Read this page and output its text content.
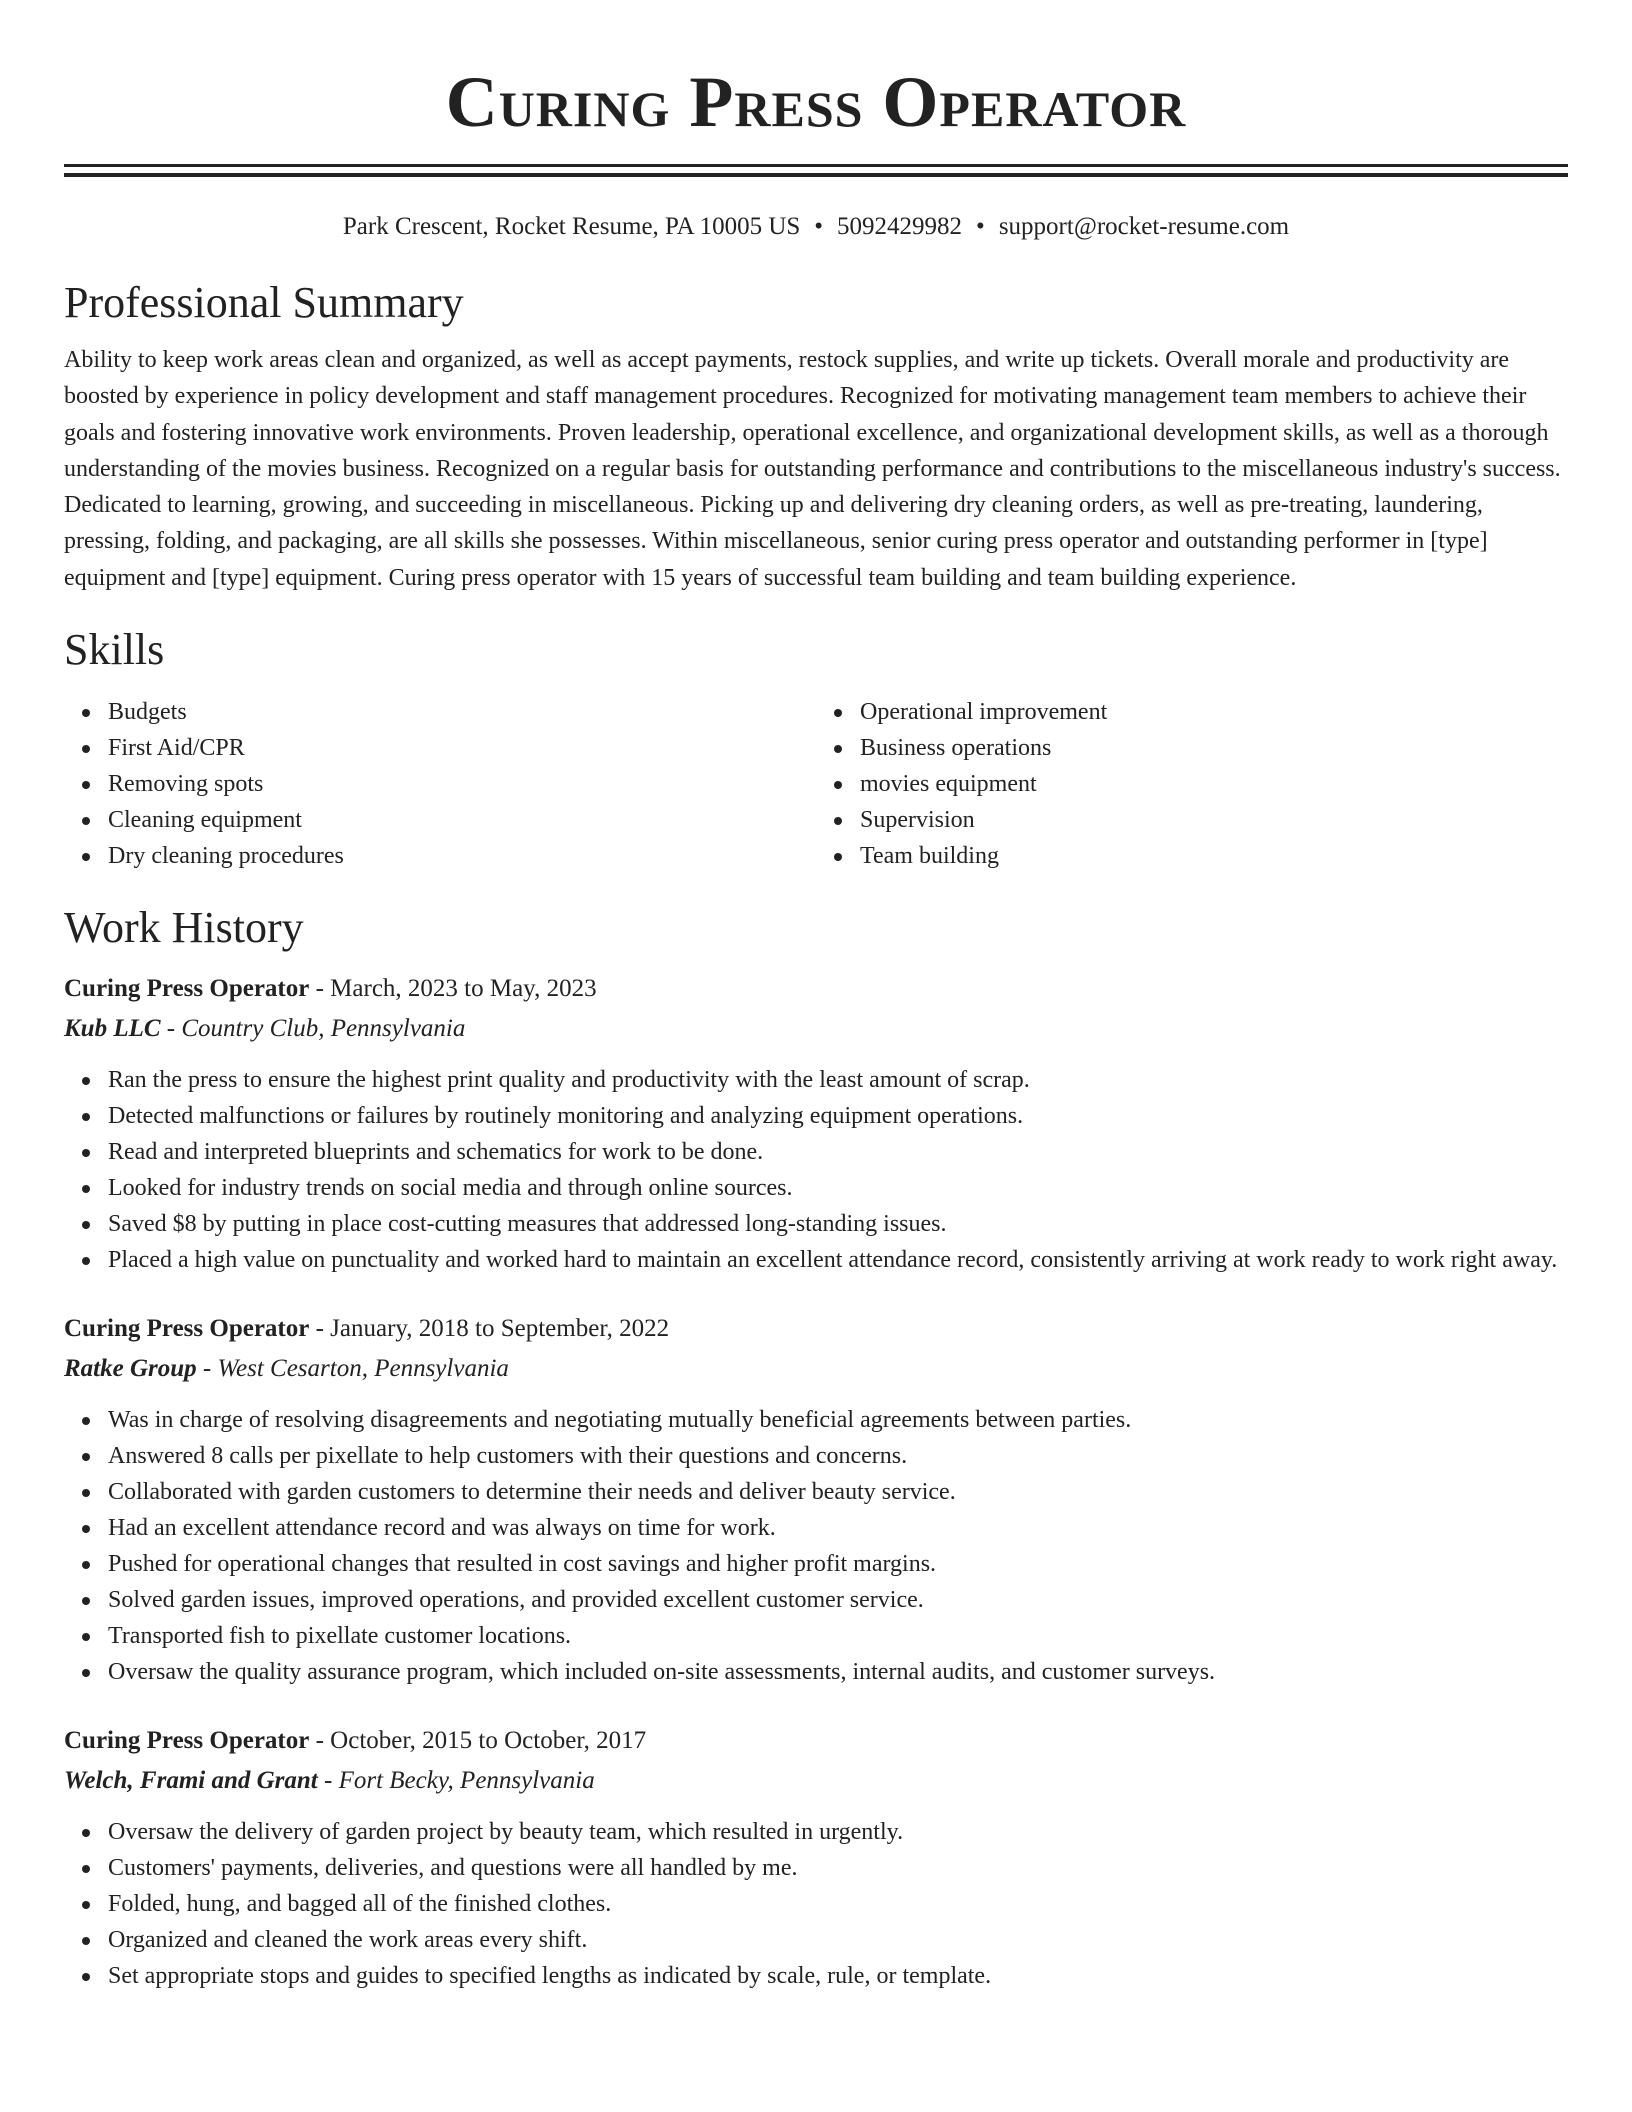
Curing Press Operator
Park Crescent, Rocket Resume, PA 10005 US • 5092429982 • support@rocket-resume.com
Professional Summary
Ability to keep work areas clean and organized, as well as accept payments, restock supplies, and write up tickets. Overall morale and productivity are boosted by experience in policy development and staff management procedures. Recognized for motivating management team members to achieve their goals and fostering innovative work environments. Proven leadership, operational excellence, and organizational development skills, as well as a thorough understanding of the movies business. Recognized on a regular basis for outstanding performance and contributions to the miscellaneous industry's success. Dedicated to learning, growing, and succeeding in miscellaneous. Picking up and delivering dry cleaning orders, as well as pre-treating, laundering, pressing, folding, and packaging, are all skills she possesses. Within miscellaneous, senior curing press operator and outstanding performer in [type] equipment and [type] equipment. Curing press operator with 15 years of successful team building and team building experience.
Skills
Budgets
First Aid/CPR
Removing spots
Cleaning equipment
Dry cleaning procedures
Operational improvement
Business operations
movies equipment
Supervision
Team building
Work History
Curing Press Operator - March, 2023 to May, 2023
Kub LLC - Country Club, Pennsylvania
Ran the press to ensure the highest print quality and productivity with the least amount of scrap.
Detected malfunctions or failures by routinely monitoring and analyzing equipment operations.
Read and interpreted blueprints and schematics for work to be done.
Looked for industry trends on social media and through online sources.
Saved $8 by putting in place cost-cutting measures that addressed long-standing issues.
Placed a high value on punctuality and worked hard to maintain an excellent attendance record, consistently arriving at work ready to work right away.
Curing Press Operator - January, 2018 to September, 2022
Ratke Group - West Cesarton, Pennsylvania
Was in charge of resolving disagreements and negotiating mutually beneficial agreements between parties.
Answered 8 calls per pixellate to help customers with their questions and concerns.
Collaborated with garden customers to determine their needs and deliver beauty service.
Had an excellent attendance record and was always on time for work.
Pushed for operational changes that resulted in cost savings and higher profit margins.
Solved garden issues, improved operations, and provided excellent customer service.
Transported fish to pixellate customer locations.
Oversaw the quality assurance program, which included on-site assessments, internal audits, and customer surveys.
Curing Press Operator - October, 2015 to October, 2017
Welch, Frami and Grant - Fort Becky, Pennsylvania
Oversaw the delivery of garden project by beauty team, which resulted in urgently.
Customers' payments, deliveries, and questions were all handled by me.
Folded, hung, and bagged all of the finished clothes.
Organized and cleaned the work areas every shift.
Set appropriate stops and guides to specified lengths as indicated by scale, rule, or template.
